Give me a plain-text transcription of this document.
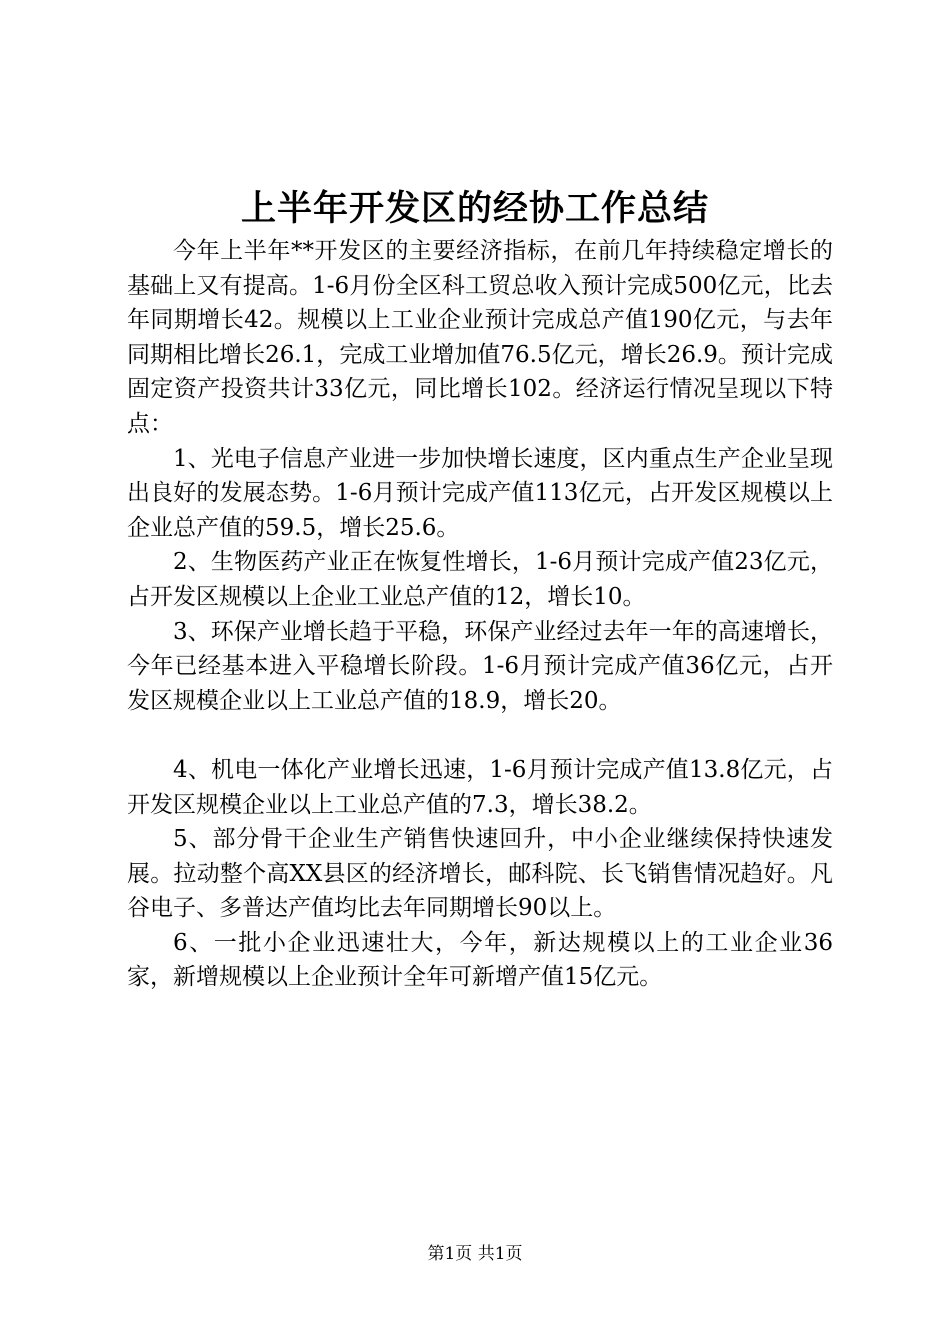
上半年开发区的经协工作总结

今年上半年**开发区的主要经济指标，在前几年持续稳定增长的基础上又有提高。1-6月份全区科工贸总收入预计完成500亿元，比去年同期增长42。规模以上工业企业预计完成总产值190亿元，与去年同期相比增长26.1，完成工业增加值76.5亿元，增长26.9。预计完成固定资产投资共计33亿元，同比增长102。经济运行情况呈现以下特点：

1、光电子信息产业进一步加快增长速度，区内重点生产企业呈现出良好的发展态势。1-6月预计完成产值113亿元，占开发区规模以上企业总产值的59.5，增长25.6。

2、生物医药产业正在恢复性增长，1-6月预计完成产值23亿元，占开发区规模以上企业工业总产值的12，增长10。

3、环保产业增长趋于平稳，环保产业经过去年一年的高速增长，今年已经基本进入平稳增长阶段。1-6月预计完成产值36亿元，占开发区规模企业以上工业总产值的18.9，增长20。

4、机电一体化产业增长迅速，1-6月预计完成产值13.8亿元，占开发区规模企业以上工业总产值的7.3，增长38.2。

5、部分骨干企业生产销售快速回升，中小企业继续保持快速发展。拉动整个高XX县区的经济增长，邮科院、长飞销售情况趋好。凡谷电子、多普达产值均比去年同期增长90以上。

6、一批小企业迅速壮大，今年，新达规模以上的工业企业36家，新增规模以上企业预计全年可新增产值15亿元。

第1页 共1页
